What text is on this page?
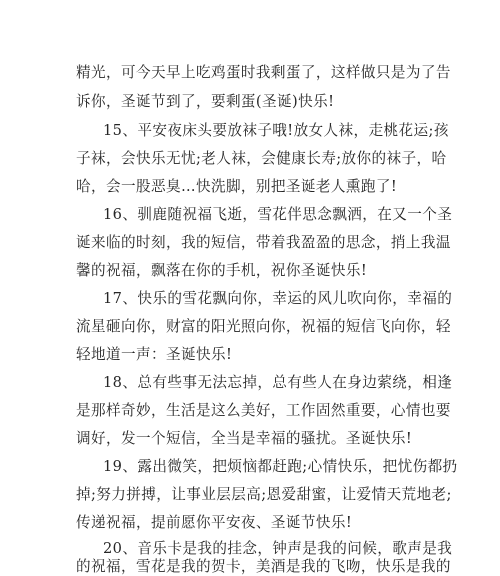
精光，可今天早上吃鸡蛋时我剩蛋了，这样做只是为了告
诉你，圣诞节到了，要剩蛋(圣诞)快乐!
15、平安夜床头要放袜子哦!放女人袜，走桃花运;孩
子袜，会快乐无忧;老人袜，会健康长寿;放你的袜子，哈
哈，会一股恶臭…快洗脚，别把圣诞老人熏跑了!
16、驯鹿随祝福飞逝，雪花伴思念飘洒，在又一个圣
诞来临的时刻，我的短信，带着我盈盈的思念，捎上我温
馨的祝福，飘落在你的手机，祝你圣诞快乐!
17、快乐的雪花飘向你，幸运的风儿吹向你，幸福的
流星砸向你，财富的阳光照向你，祝福的短信飞向你，轻
轻地道一声：圣诞快乐!
18、总有些事无法忘掉，总有些人在身边萦绕，相逢
是那样奇妙，生活是这么美好，工作固然重要，心情也要
调好，发一个短信，全当是幸福的骚扰。圣诞快乐!
19、露出微笑，把烦恼都赶跑;心情快乐，把忧伤都扔
掉;努力拼搏，让事业层层高;恩爱甜蜜，让爱情天荒地老;
传递祝福，提前愿你平安夜、圣诞节快乐!
20、音乐卡是我的挂念，钟声是我的问候，歌声是我
的祝福，雪花是我的贺卡，美酒是我的飞吻，快乐是我的
